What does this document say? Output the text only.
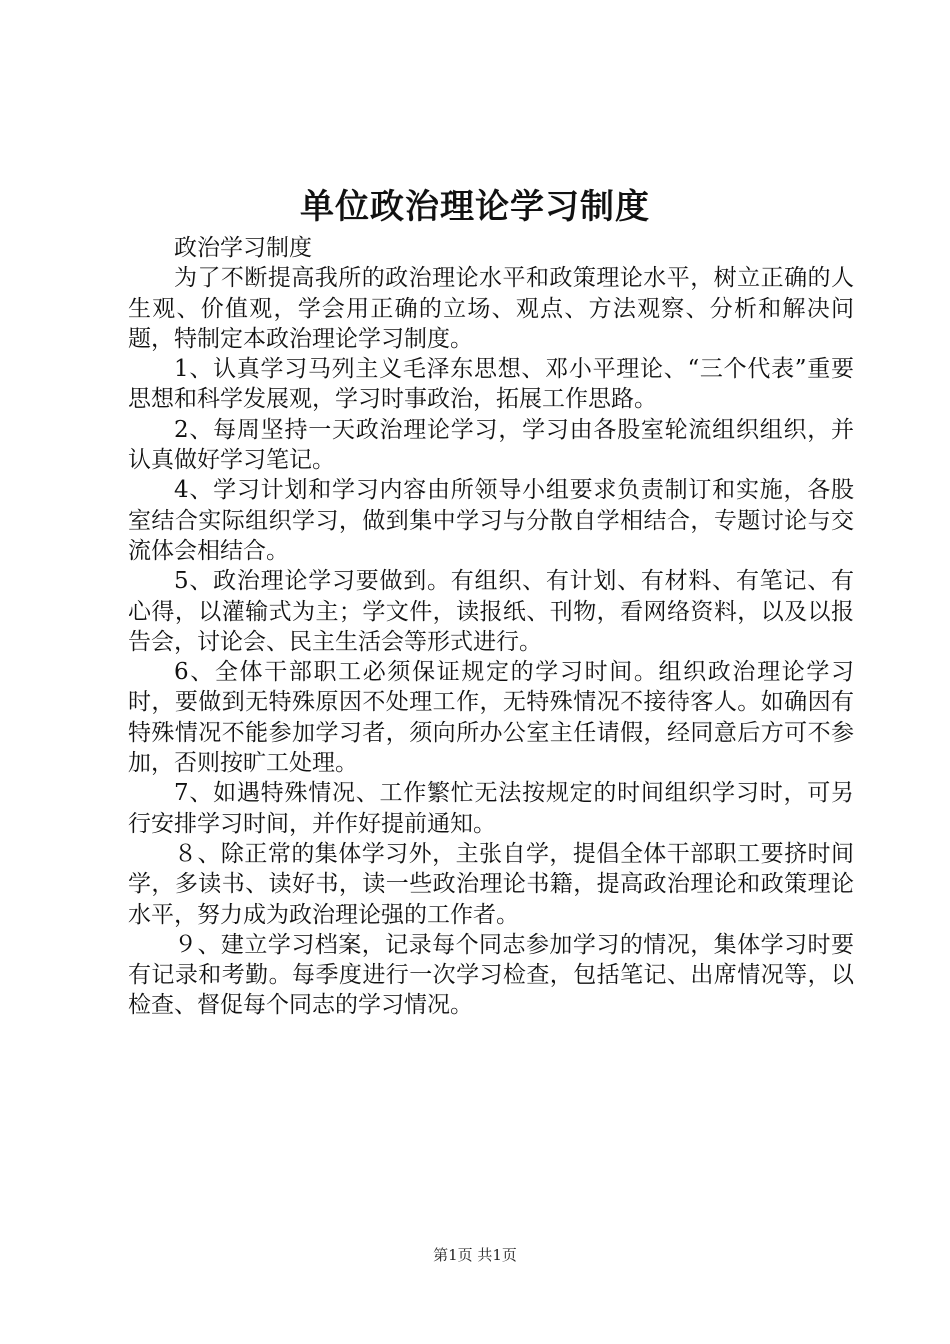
单位政治理论学习制度

政治学习制度

为了不断提高我所的政治理论水平和政策理论水平，树立正确的人生观、价值观，学会用正确的立场、观点、方法观察、分析和解决问题，特制定本政治理论学习制度。

1、认真学习马列主义毛泽东思想、邓小平理论、“三个代表”重要思想和科学发展观，学习时事政治，拓展工作思路。

2、每周坚持一天政治理论学习，学习由各股室轮流组织组织，并认真做好学习笔记。

4、学习计划和学习内容由所领导小组要求负责制订和实施，各股室结合实际组织学习，做到集中学习与分散自学相结合，专题讨论与交流体会相结合。

5、政治理论学习要做到。有组织、有计划、有材料、有笔记、有心得，以灌输式为主；学文件，读报纸、刊物，看网络资料，以及以报告会，讨论会、民主生活会等形式进行。

6、全体干部职工必须保证规定的学习时间。组织政治理论学习时，要做到无特殊原因不处理工作，无特殊情况不接待客人。如确因有特殊情况不能参加学习者，须向所办公室主任请假，经同意后方可不参加，否则按旷工处理。

7、如遇特殊情况、工作繁忙无法按规定的时间组织学习时，可另行安排学习时间，并作好提前通知。

８、除正常的集体学习外，主张自学，提倡全体干部职工要挤时间学，多读书、读好书，读一些政治理论书籍，提高政治理论和政策理论水平，努力成为政治理论强的工作者。

９、建立学习档案，记录每个同志参加学习的情况，集体学习时要有记录和考勤。每季度进行一次学习检查，包括笔记、出席情况等，以检查、督促每个同志的学习情况。

第1页 共1页
